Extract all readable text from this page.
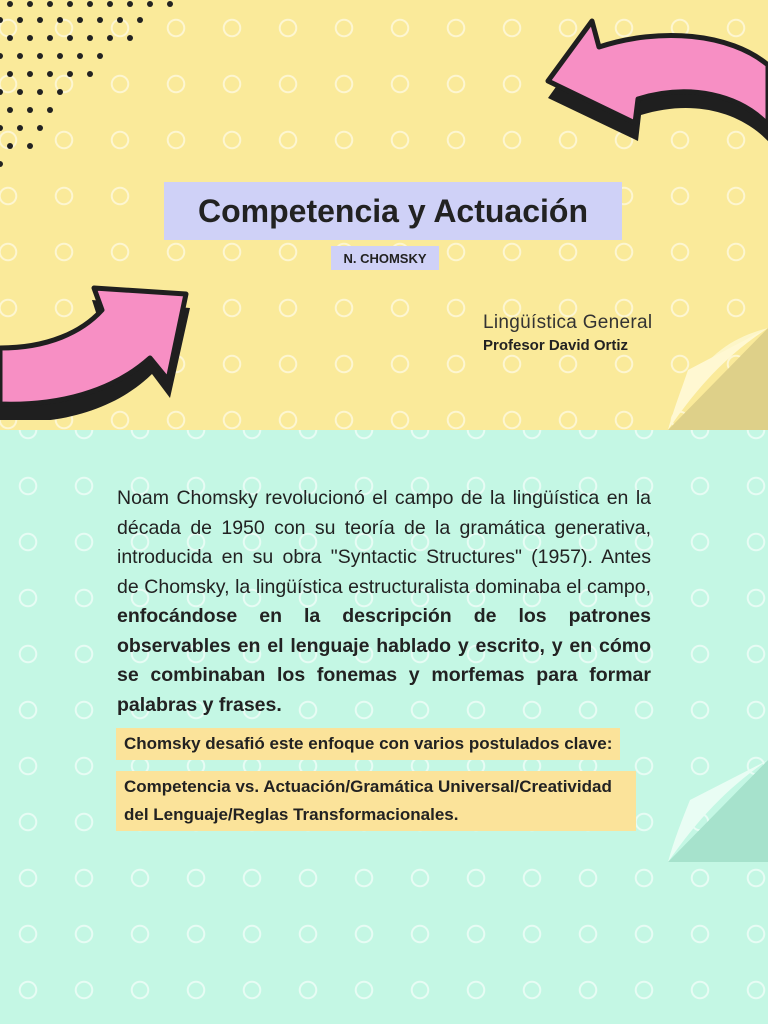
Competencia y Actuación
N. CHOMSKY
Lingüística General
Profesor David Ortiz

Noam Chomsky revolucionó el campo de la lingüística en la década de 1950 con su teoría de la gramática generativa, introducida en su obra "Syntactic Structures" (1957). Antes de Chomsky, la lingüística estructuralista dominaba el campo, enfocándose en la descripción de los patrones observables en el lenguaje hablado y escrito, y en cómo se combinaban los fonemas y morfemas para formar palabras y frases.

Chomsky desafió este enfoque con varios postulados clave:
Competencia vs. Actuación/Gramática Universal/Creatividad del Lenguaje/Reglas Transformacionales.
